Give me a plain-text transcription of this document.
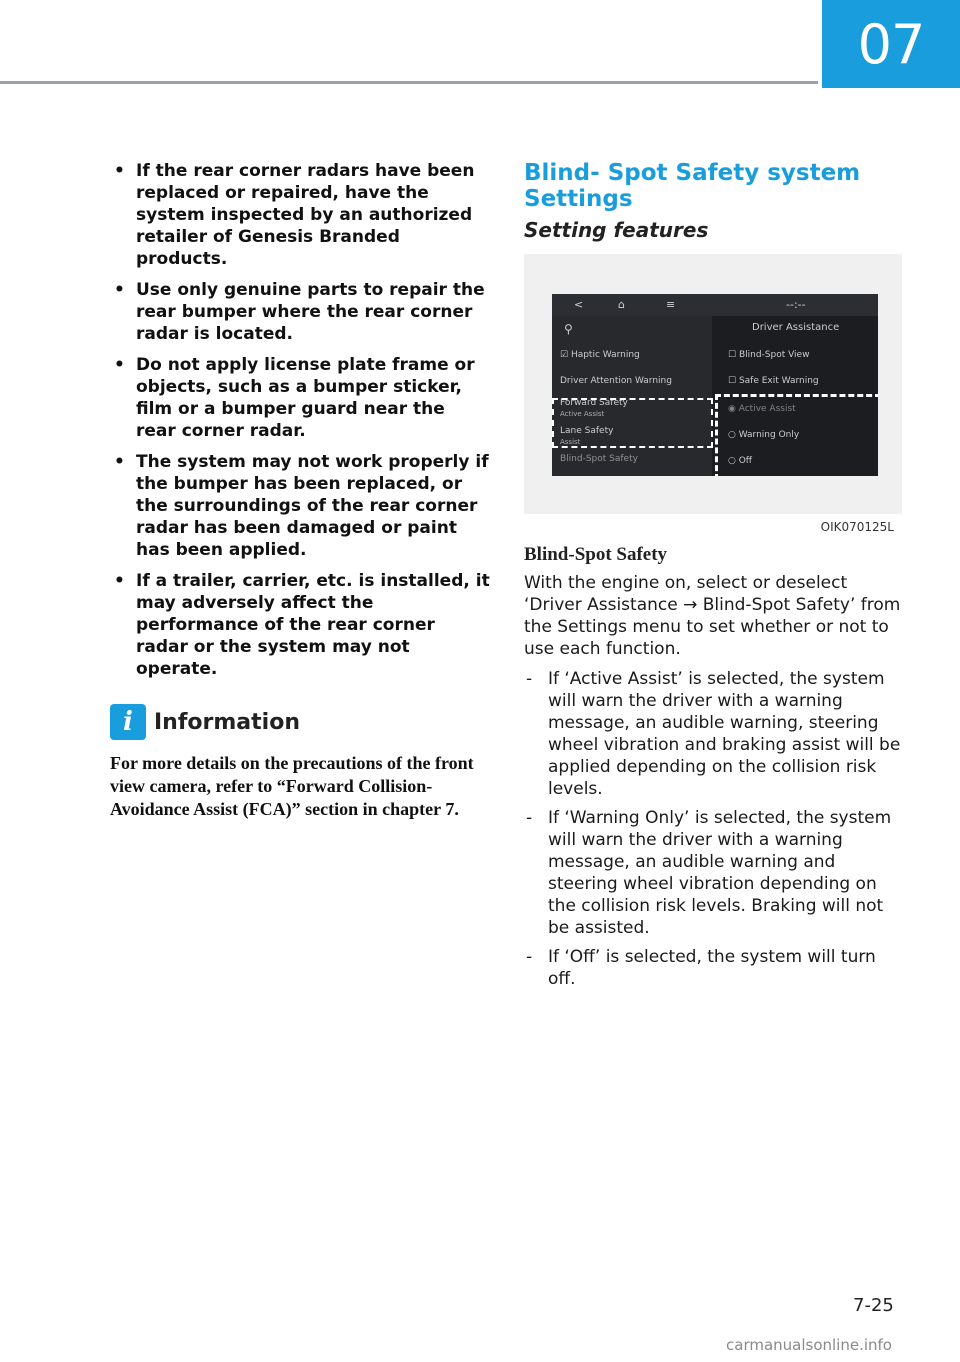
07
• If the rear corner radars have been replaced or repaired, have the system inspected by an authorized retailer of Genesis Branded products.
• Use only genuine parts to repair the rear bumper where the rear corner radar is located.
• Do not apply license plate frame or objects, such as a bumper sticker, film or a bumper guard near the rear corner radar.
• The system may not work properly if the bumper has been replaced, or the surroundings of the rear corner radar has been damaged or paint has been applied.
• If a trailer, carrier, etc. is installed, it may adversely affect the performance of the rear corner radar or the system may not operate.
i Information
For more details on the precautions of the front view camera, refer to “Forward Collision-Avoidance Assist (FCA)” section in chapter 7.
Blind- Spot Safety system Settings
Setting features
<	⌂	≡	--:--
⚲
☑ Haptic Warning
Driver Attention Warning
Forward Safety
Active Assist
Lane Safety
Assist
Blind-Spot Safety
Driver Assistance
☐ Blind-Spot View
☐ Safe Exit Warning
◉ Active Assist
○ Warning Only
○ Off
OIK070125L
Blind-Spot Safety
With the engine on, select or deselect ‘Driver Assistance → Blind-Spot Safety’ from the Settings menu to set whether or not to use each function.
- If ‘Active Assist’ is selected, the system will warn the driver with a warning message, an audible warning, steering wheel vibration and braking assist will be applied depending on the collision risk levels.
- If ‘Warning Only’ is selected, the system will warn the driver with a warning message, an audible warning and steering wheel vibration depending on the collision risk levels. Braking will not be assisted.
- If ‘Off’ is selected, the system will turn off.
7-25
carmanualsonline.info
